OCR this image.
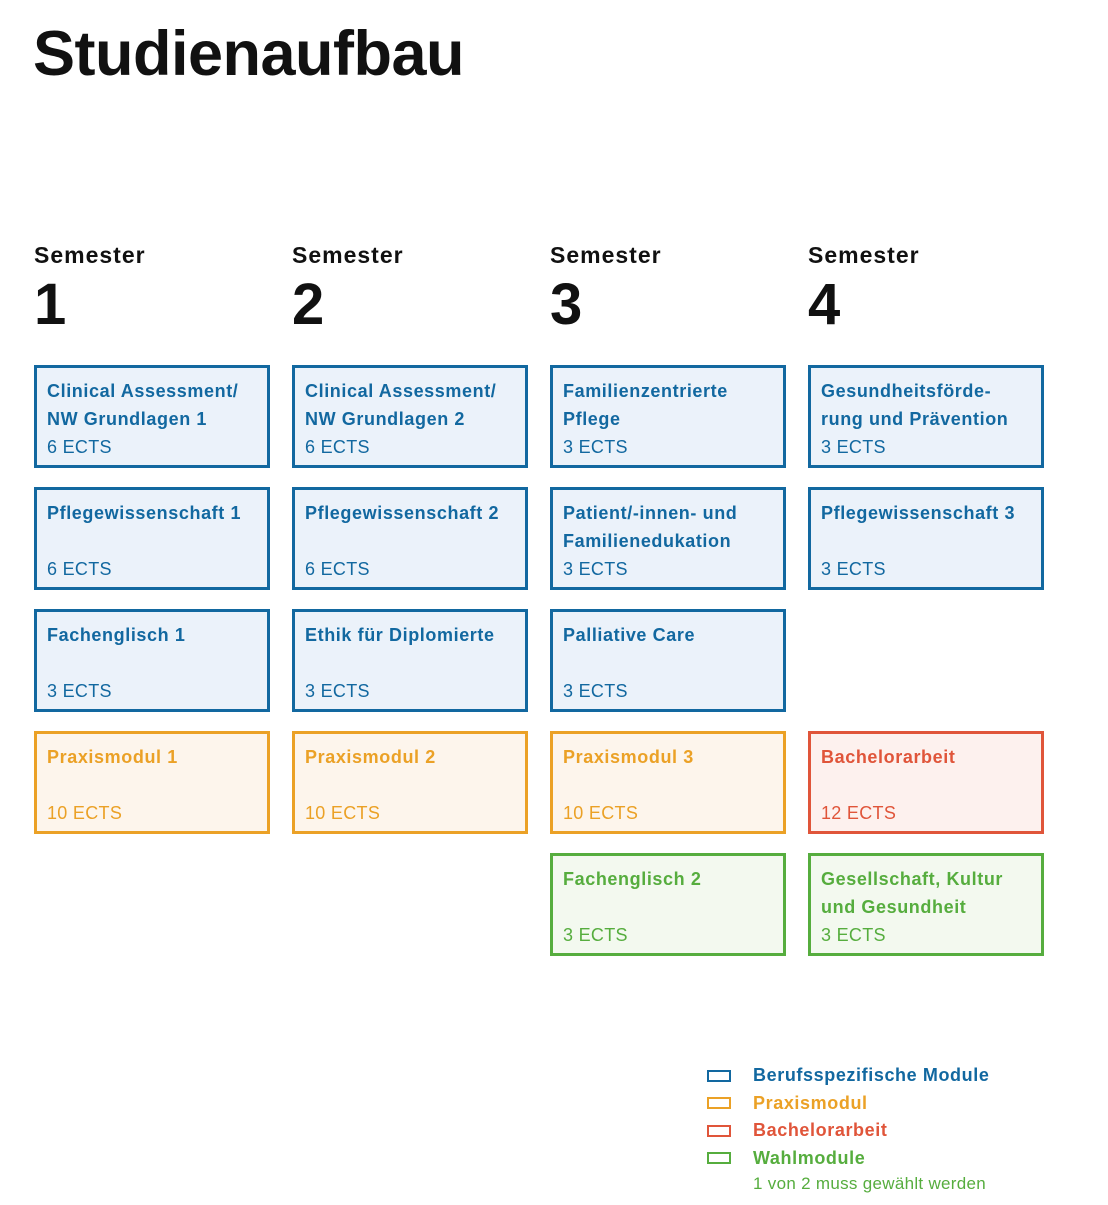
Studienaufbau
Semester
1
Clinical Assessment/
NW Grundlagen 1
6 ECTS
Pflegewissenschaft 1
6 ECTS
Fachenglisch 1
3 ECTS
Praxismodul 1
10 ECTS
Semester
2
Clinical Assessment/
NW Grundlagen 2
6 ECTS
Pflegewissenschaft 2
6 ECTS
Ethik für Diplomierte
3 ECTS
Praxismodul 2
10 ECTS
Semester
3
Familienzentrierte
Pflege
3 ECTS
Patient/-innen- und
Familienedukation
3 ECTS
Palliative Care
3 ECTS
Praxismodul 3
10 ECTS
Fachenglisch 2
3 ECTS
Semester
4
Gesundheitsförde-
rung und Prävention
3 ECTS
Pflegewissenschaft 3
3 ECTS
Bachelorarbeit
12 ECTS
Gesellschaft, Kultur
und Gesundheit
3 ECTS
Berufsspezifische Module
Praxismodul
Bachelorarbeit
Wahlmodule
1 von 2 muss gewählt werden
